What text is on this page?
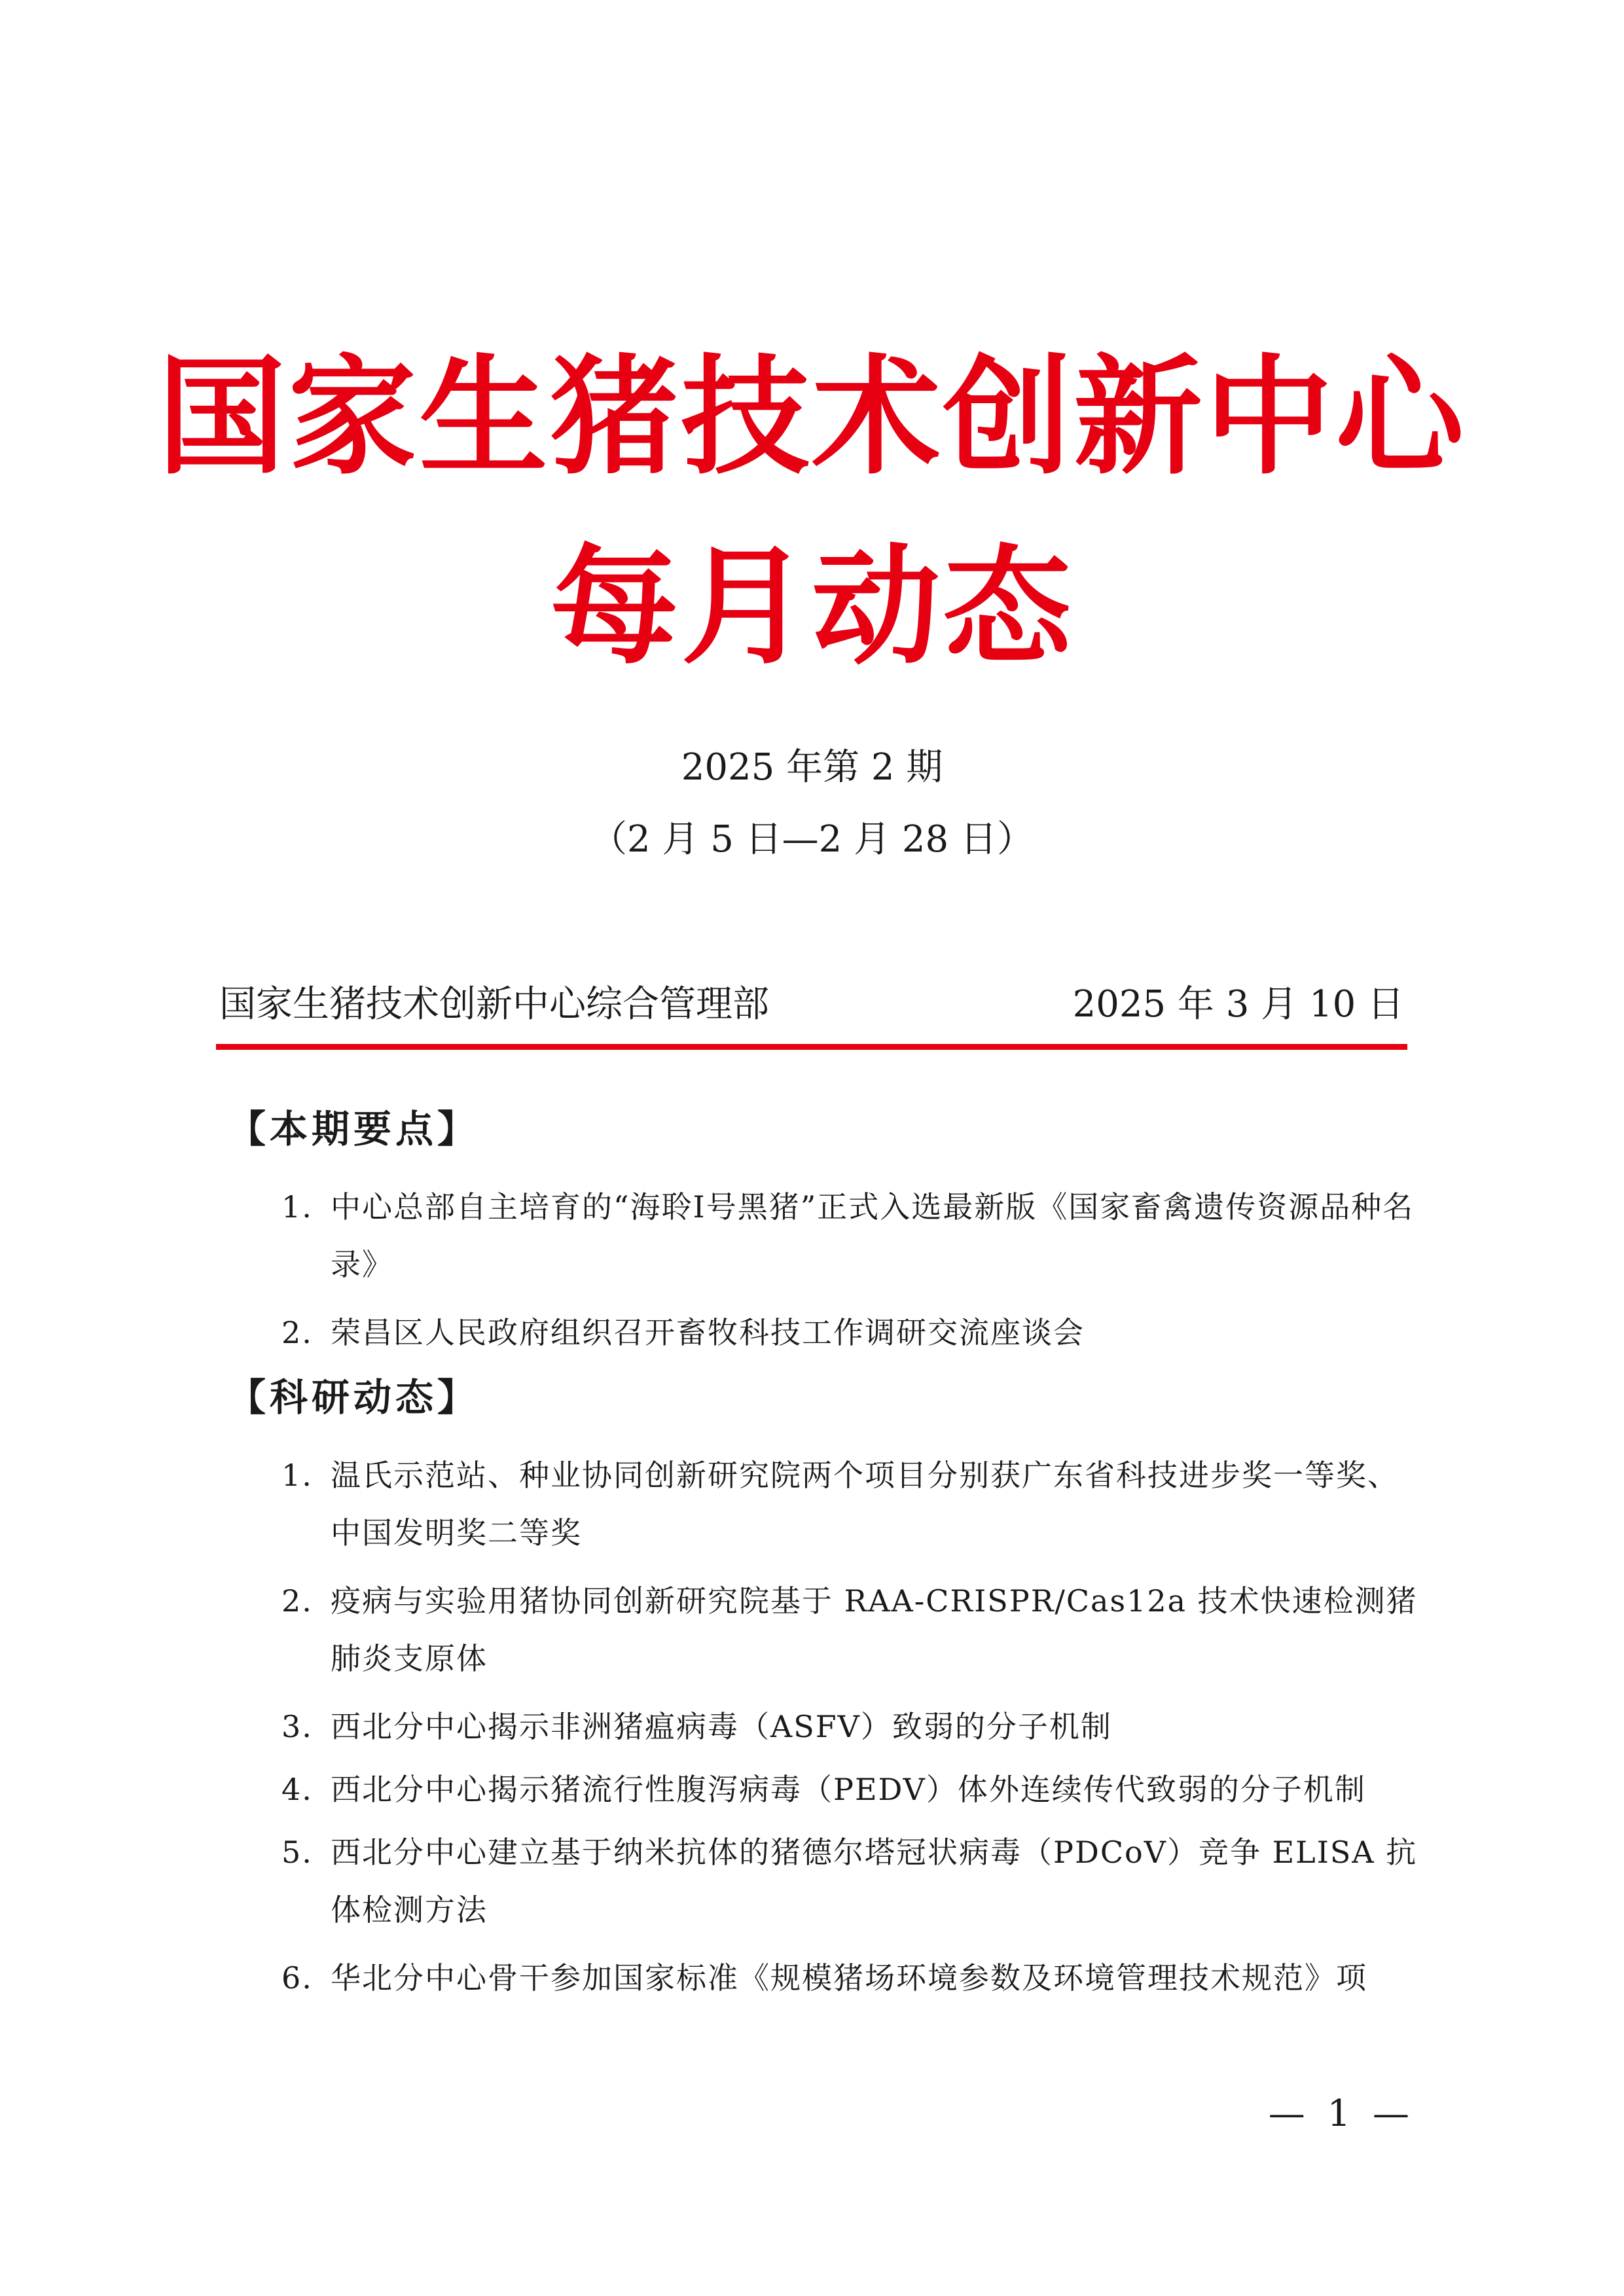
国家生猪技术创新中心
每月动态
2025 年第 2 期
（2 月 5 日—2 月 28 日）
国家生猪技术创新中心综合管理部	2025 年 3 月 10 日
【本期要点】
1. 中心总部自主培育的“海聆Ⅰ号黑猪”正式入选最新版《国家畜禽遗传资源品种名录》
2. 荣昌区人民政府组织召开畜牧科技工作调研交流座谈会
【科研动态】
1. 温氏示范站、种业协同创新研究院两个项目分别获广东省科技进步奖一等奖、中国发明奖二等奖
2. 疫病与实验用猪协同创新研究院基于 RAA-CRISPR/Cas12a 技术快速检测猪肺炎支原体
3. 西北分中心揭示非洲猪瘟病毒（ASFV）致弱的分子机制
4. 西北分中心揭示猪流行性腹泻病毒（PEDV）体外连续传代致弱的分子机制
5. 西北分中心建立基于纳米抗体的猪德尔塔冠状病毒（PDCoV）竞争 ELISA 抗体检测方法
6. 华北分中心骨干参加国家标准《规模猪场环境参数及环境管理技术规范》项
— 1 —
